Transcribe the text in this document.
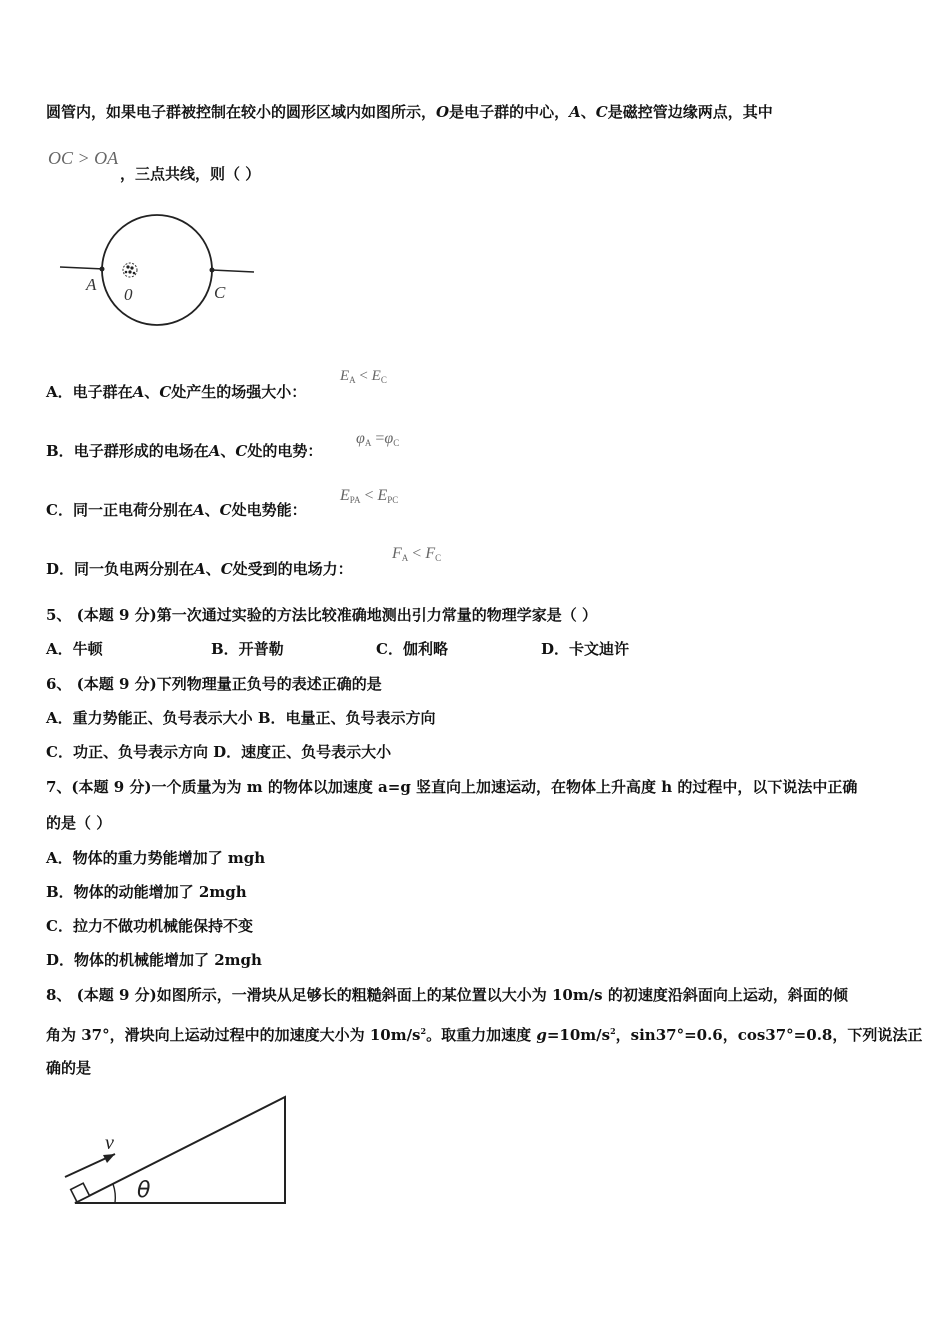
圆管内，如果电子群被控制在较小的圆形区域内如图所示，O是电子群的中心，A、C是磁控管边缘两点，其中
OC > OA
，三点共线，则（ ）
A
0	C
A．电子群在A、C处产生的场强大小：
$E_A < E_C$
B．电子群形成的电场在A、C处的电势：
$\varphi_A =\varphi_C$
C．同一正电荷分别在A、C处电势能：
$E_{PA} < E_{PC}$
D．同一负电两分别在A、C处受到的电场力：
$F_A < F_C$
5、 (本题 9 分)第一次通过实验的方法比较准确地测出引力常量的物理学家是（ ）
A．牛顿	B．开普勒	C．伽利略	D．卡文迪许
6、 (本题 9 分)下列物理量正负号的表述正确的是
A．重力势能正、负号表示大小 B．电量正、负号表示方向
C．功正、负号表示方向 D．速度正、负号表示大小
7、(本题 9 分)一个质量为为 m 的物体以加速度 a=g 竖直向上加速运动，在物体上升高度 h 的过程中，以下说法中正确
的是（ ）
A．物体的重力势能增加了 mgh
B．物体的动能增加了 2mgh
C．拉力不做功机械能保持不变
D．物体的机械能增加了 2mgh
8、 (本题 9 分)如图所示，一滑块从足够长的粗糙斜面上的某位置以大小为 10m/s 的初速度沿斜面向上运动，斜面的倾
角为 37°，滑块向上运动过程中的加速度大小为 $10m/s^2$。取重力加速度 $g=10m/s^2$，sin37°=0.6，cos37°=0.8，下列说法正
确的是
v
θ
